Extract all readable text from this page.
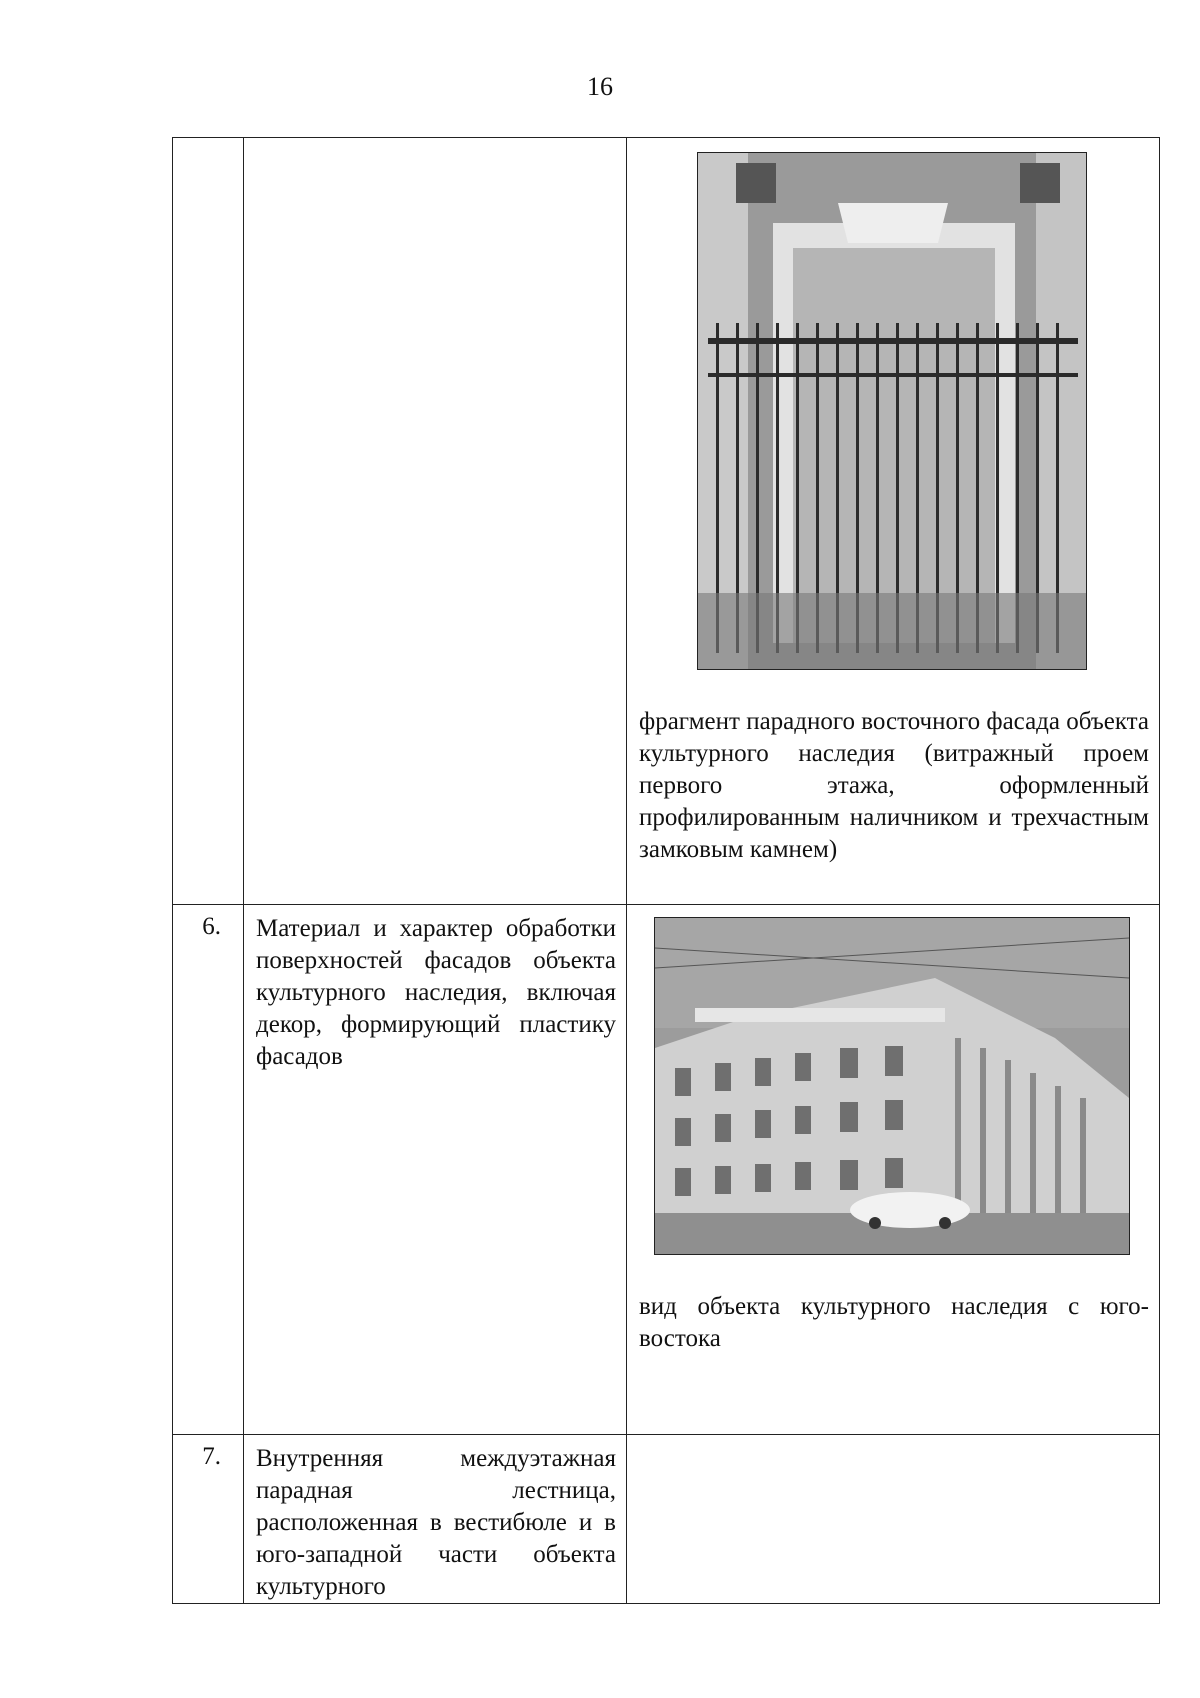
16

		фрагмент парадного восточного фасада объекта культурного наследия (витражный проем первого этажа, оформленный профилированным наличником и трехчастным замковым камнем)

6.	Материал и характер обработки поверхностей фасадов объекта культурного наследия, включая декор, формирующий пластику фасадов	вид объекта культурного наследия с юго-востока

7.	Внутренняя междуэтажная парадная лестница, расположенная в вестибюле и в юго-западной части объекта культурного	
